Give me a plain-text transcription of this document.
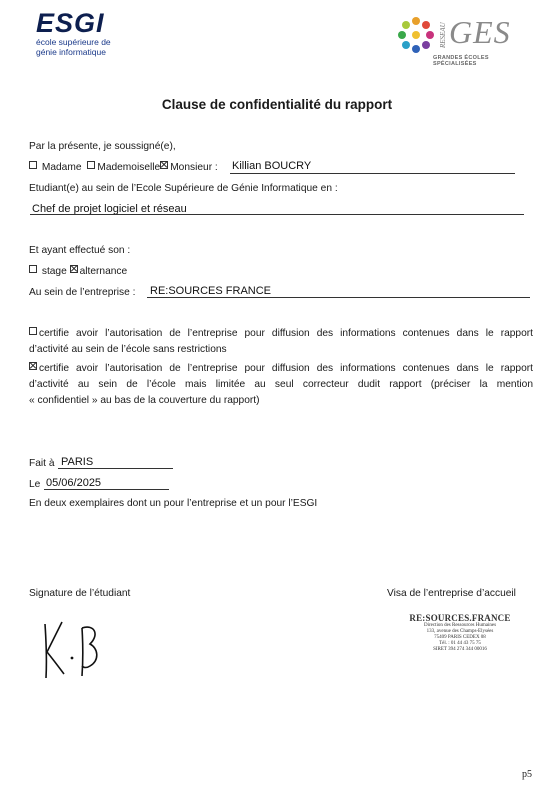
ESGI
école supérieure de
génie informatique
RESEAU GES
GRANDES ÉCOLES SPÉCIALISÉES
Clause de confidentialité du rapport
Par la présente, je soussigné(e),
Madame Mademoiselle Monsieur : Killian BOUCRY
Etudiant(e) au sein de l’Ecole Supérieure de Génie Informatique en :
Chef de projet logiciel et réseau
Et ayant effectué son :
stage alternance
Au sein de l’entreprise : RE:SOURCES FRANCE
certifie avoir l’autorisation de l’entreprise pour diffusion des informations contenues dans le rapport
d’activité au sein de l’école sans restrictions
certifie avoir l’autorisation de l’entreprise pour diffusion des informations contenues dans le rapport
d’activité au sein de l’école mais limitée au seul correcteur dudit rapport (préciser la mention
« confidentiel » au bas de la couverture du rapport)
Fait à PARIS
Le 05/06/2025
En deux exemplaires dont un pour l’entreprise et un pour l’ESGI
Signature de l’étudiant	Visa de l’entreprise d’accueil
RE:SOURCES.FRANCE
Direction des Ressources Humaines
133, avenue des Champs-Elysées
75409 PARIS CEDEX 08
Tél. : 01 44 43 75 75
SIRET 394 274 344 00016
p5
